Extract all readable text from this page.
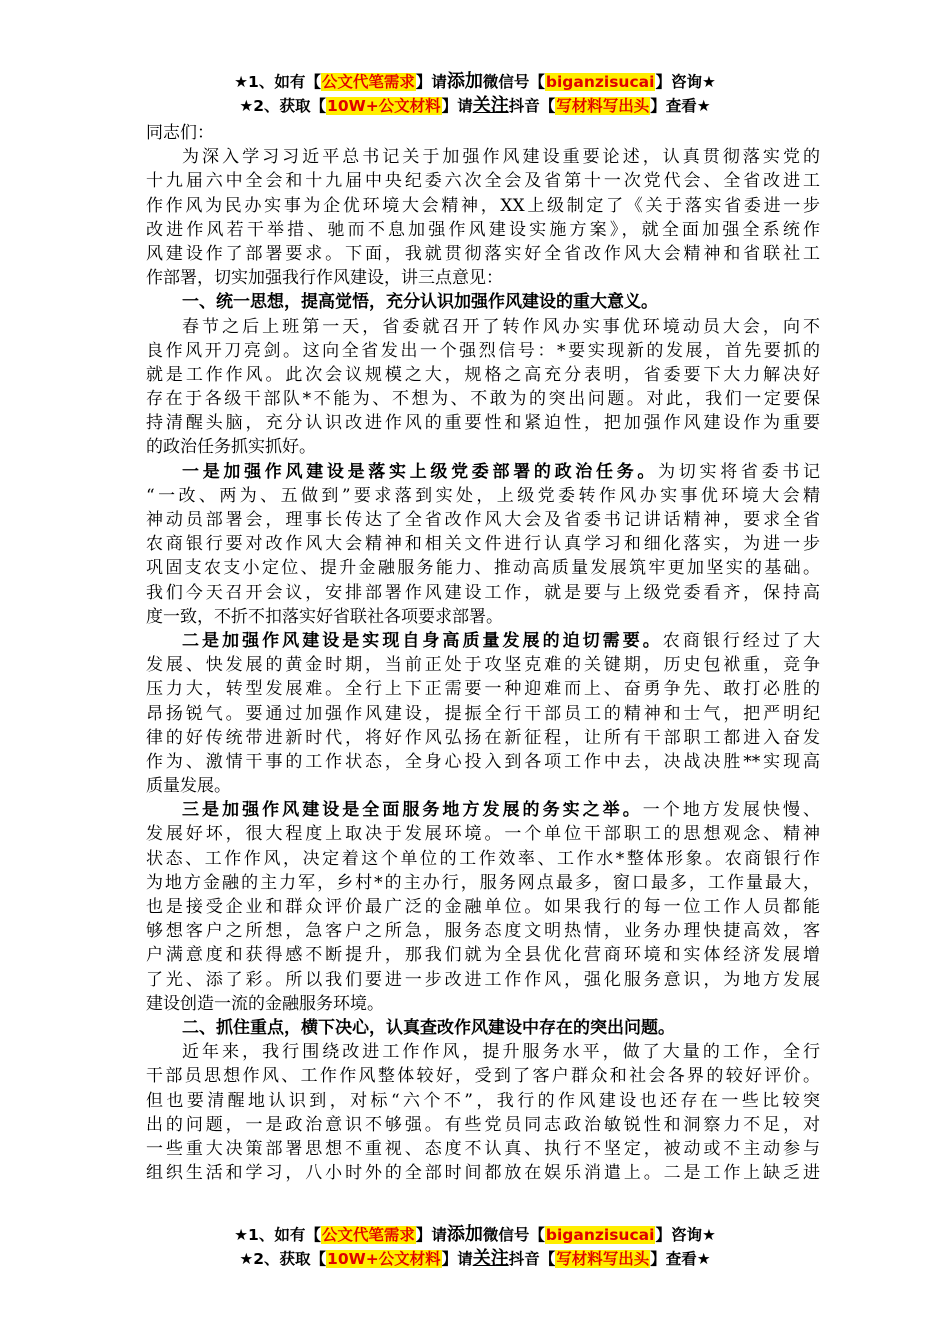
★1、如有【公文代笔需求】请添加微信号【biganzisucai】咨询★
★2、获取【10W+公文材料】请关注抖音【写材料写出头】查看★
同志们：
为深入学习习近平总书记关于加强作风建设重要论述，认真贯彻落实党的
十九届六中全会和十九届中央纪委六次全会及省第十一次党代会、全省改进工
作作风为民办实事为企优环境大会精神，XX上级制定了《关于落实省委进一步
改进作风若干举措、驰而不息加强作风建设实施方案》，就全面加强全系统作
风建设作了部署要求。下面，我就贯彻落实好全省改作风大会精神和省联社工
作部署，切实加强我行作风建设，讲三点意见：
一、统一思想，提高觉悟，充分认识加强作风建设的重大意义。
春节之后上班第一天，省委就召开了转作风办实事优环境动员大会，向不
良作风开刀亮剑。这向全省发出一个强烈信号：*要实现新的发展，首先要抓的
就是工作作风。此次会议规模之大，规格之高充分表明，省委要下大力解决好
存在于各级干部队*不能为、不想为、不敢为的突出问题。对此，我们一定要保
持清醒头脑，充分认识改进作风的重要性和紧迫性，把加强作风建设作为重要
的政治任务抓实抓好。
一是加强作风建设是落实上级党委部署的政治任务。为切实将省委书记
“一改、两为、五做到”要求落到实处，上级党委转作风办实事优环境大会精
神动员部署会，理事长传达了全省改作风大会及省委书记讲话精神，要求全省
农商银行要对改作风大会精神和相关文件进行认真学习和细化落实，为进一步
巩固支农支小定位、提升金融服务能力、推动高质量发展筑牢更加坚实的基础。
我们今天召开会议，安排部署作风建设工作，就是要与上级党委看齐，保持高
度一致，不折不扣落实好省联社各项要求部署。
二是加强作风建设是实现自身高质量发展的迫切需要。农商银行经过了大
发展、快发展的黄金时期，当前正处于攻坚克难的关键期，历史包袱重，竞争
压力大，转型发展难。全行上下正需要一种迎难而上、奋勇争先、敢打必胜的
昂扬锐气。要通过加强作风建设，提振全行干部员工的精神和士气，把严明纪
律的好传统带进新时代，将好作风弘扬在新征程，让所有干部职工都进入奋发
作为、激情干事的工作状态，全身心投入到各项工作中去，决战决胜**实现高
质量发展。
三是加强作风建设是全面服务地方发展的务实之举。一个地方发展快慢、
发展好坏，很大程度上取决于发展环境。一个单位干部职工的思想观念、精神
状态、工作作风，决定着这个单位的工作效率、工作水*整体形象。农商银行作
为地方金融的主力军，乡村*的主办行，服务网点最多，窗口最多，工作量最大，
也是接受企业和群众评价最广泛的金融单位。如果我行的每一位工作人员都能
够想客户之所想，急客户之所急，服务态度文明热情，业务办理快捷高效，客
户满意度和获得感不断提升，那我们就为全县优化营商环境和实体经济发展增
了光、添了彩。所以我们要进一步改进工作作风，强化服务意识，为地方发展
建设创造一流的金融服务环境。
二、抓住重点，横下决心，认真查改作风建设中存在的突出问题。
近年来，我行围绕改进工作作风，提升服务水平，做了大量的工作，全行
干部员思想作风、工作作风整体较好，受到了客户群众和社会各界的较好评价。
但也要清醒地认识到，对标“六个不”，我行的作风建设也还存在一些比较突
出的问题，一是政治意识不够强。有些党员同志政治敏锐性和洞察力不足，对
一些重大决策部署思想不重视、态度不认真、执行不坚定，被动或不主动参与
组织生活和学习，八小时外的全部时间都放在娱乐消遣上。二是工作上缺乏进
★1、如有【公文代笔需求】请添加微信号【biganzisucai】咨询★
★2、获取【10W+公文材料】请关注抖音【写材料写出头】查看★
